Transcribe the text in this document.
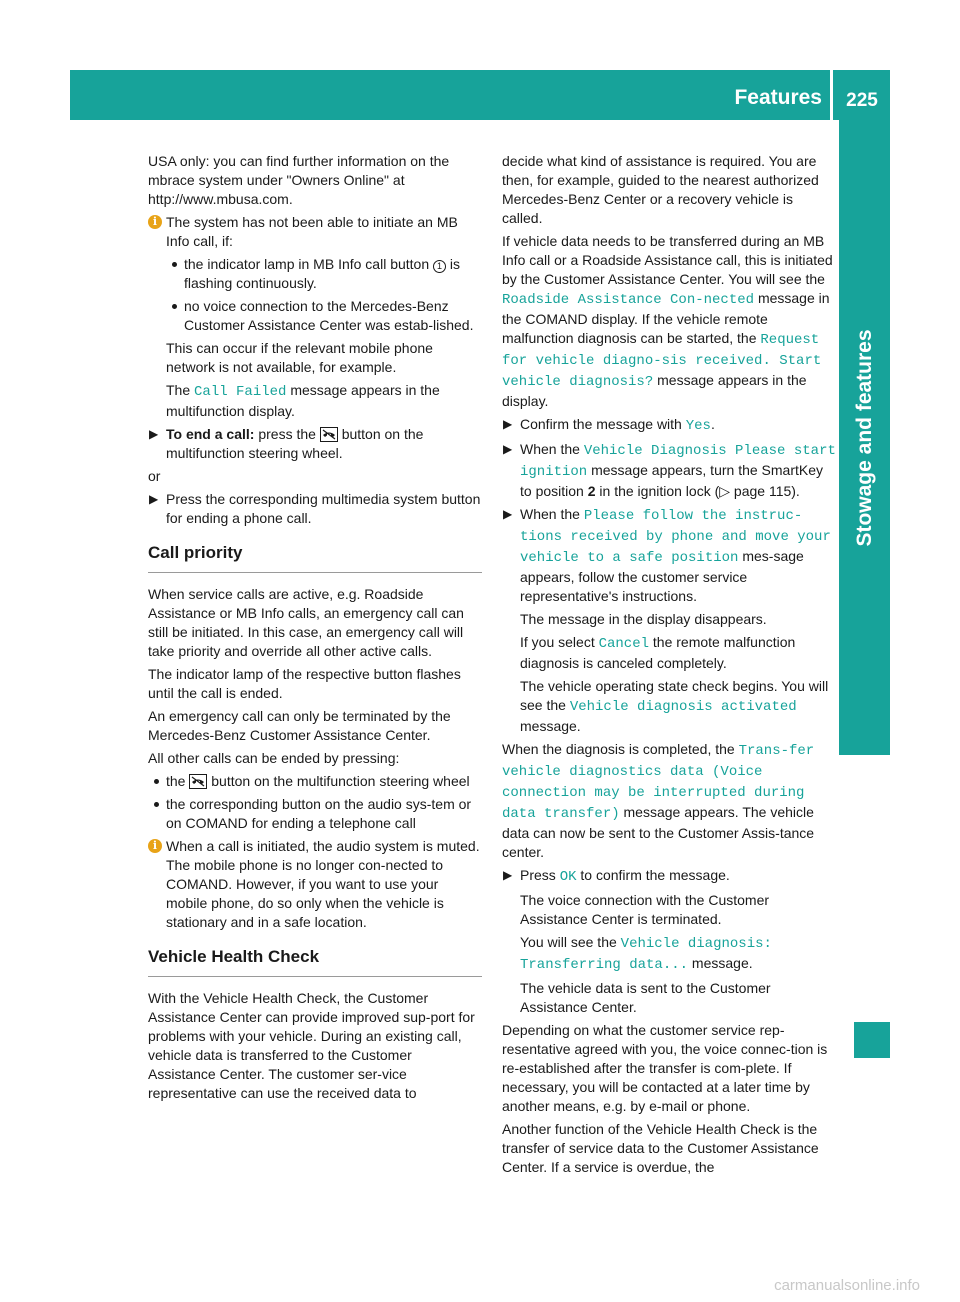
Features	225
Stowage and features

USA only: you can find further information on the mbrace system under "Owners Online" at http://www.mbusa.com.

i The system has not been able to initiate an MB Info call, if:
the indicator lamp in MB Info call button 1 is flashing continuously.
no voice connection to the Mercedes-Benz Customer Assistance Center was estab-lished.

This can occur if the relevant mobile phone network is not available, for example.

The Call Failed message appears in the multifunction display.

▶ To end a call: press the button on the multifunction steering wheel.

or

▶ Press the corresponding multimedia system button for ending a phone call.
Call priority

When service calls are active, e.g. Roadside Assistance or MB Info calls, an emergency call can still be initiated. In this case, an emergency call will take priority and override all other active calls.

The indicator lamp of the respective button flashes until the call is ended.

An emergency call can only be terminated by the Mercedes-Benz Customer Assistance Center.

All other calls can be ended by pressing:

the button on the multifunction steering wheel
the corresponding button on the audio sys-tem or on COMAND for ending a telephone call
i When a call is initiated, the audio system is muted. The mobile phone is no longer con-nected to COMAND. However, if you want to use your mobile phone, do so only when the vehicle is stationary and in a safe location.
Vehicle Health Check

With the Vehicle Health Check, the Customer Assistance Center can provide improved sup-port for problems with your vehicle. During an existing call, vehicle data is transferred to the Customer Assistance Center. The customer ser-vice representative can use the received data to

decide what kind of assistance is required. You are then, for example, guided to the nearest authorized Mercedes-Benz Center or a recovery vehicle is called.

If vehicle data needs to be transferred during an MB Info call or a Roadside Assistance call, this is initiated by the Customer Assistance Center. You will see the Roadside Assistance Con-nected message in the COMAND display. If the vehicle remote malfunction diagnosis can be started, the Request for vehicle diagno-sis received. Start vehicle diagnosis? message appears in the display.

▶ Confirm the message with Yes.
▶ When the Vehicle Diagnosis Please start ignition message appears, turn the SmartKey to position 2 in the ignition lock (▷ page 115).
▶ When the Please follow the instruc-tions received by phone and move your vehicle to a safe position mes-sage appears, follow the customer service representative's instructions.

The message in the display disappears.

If you select Cancel the remote malfunction diagnosis is canceled completely.

The vehicle operating state check begins. You will see the Vehicle diagnosis activated message.

When the diagnosis is completed, the Trans-fer vehicle diagnostics data (Voice connection may be interrupted during data transfer) message appears. The vehicle data can now be sent to the Customer Assis-tance center.

▶ Press OK to confirm the message.

The voice connection with the Customer Assistance Center is terminated.

You will see the Vehicle diagnosis: Transferring data... message.

The vehicle data is sent to the Customer Assistance Center.

Depending on what the customer service rep-resentative agreed with you, the voice connec-tion is re-established after the transfer is com-plete. If necessary, you will be contacted at a later time by another means, e.g. by e-mail or phone.

Another function of the Vehicle Health Check is the transfer of service data to the Customer Assistance Center. If a service is overdue, the

carmanualsonline.info
